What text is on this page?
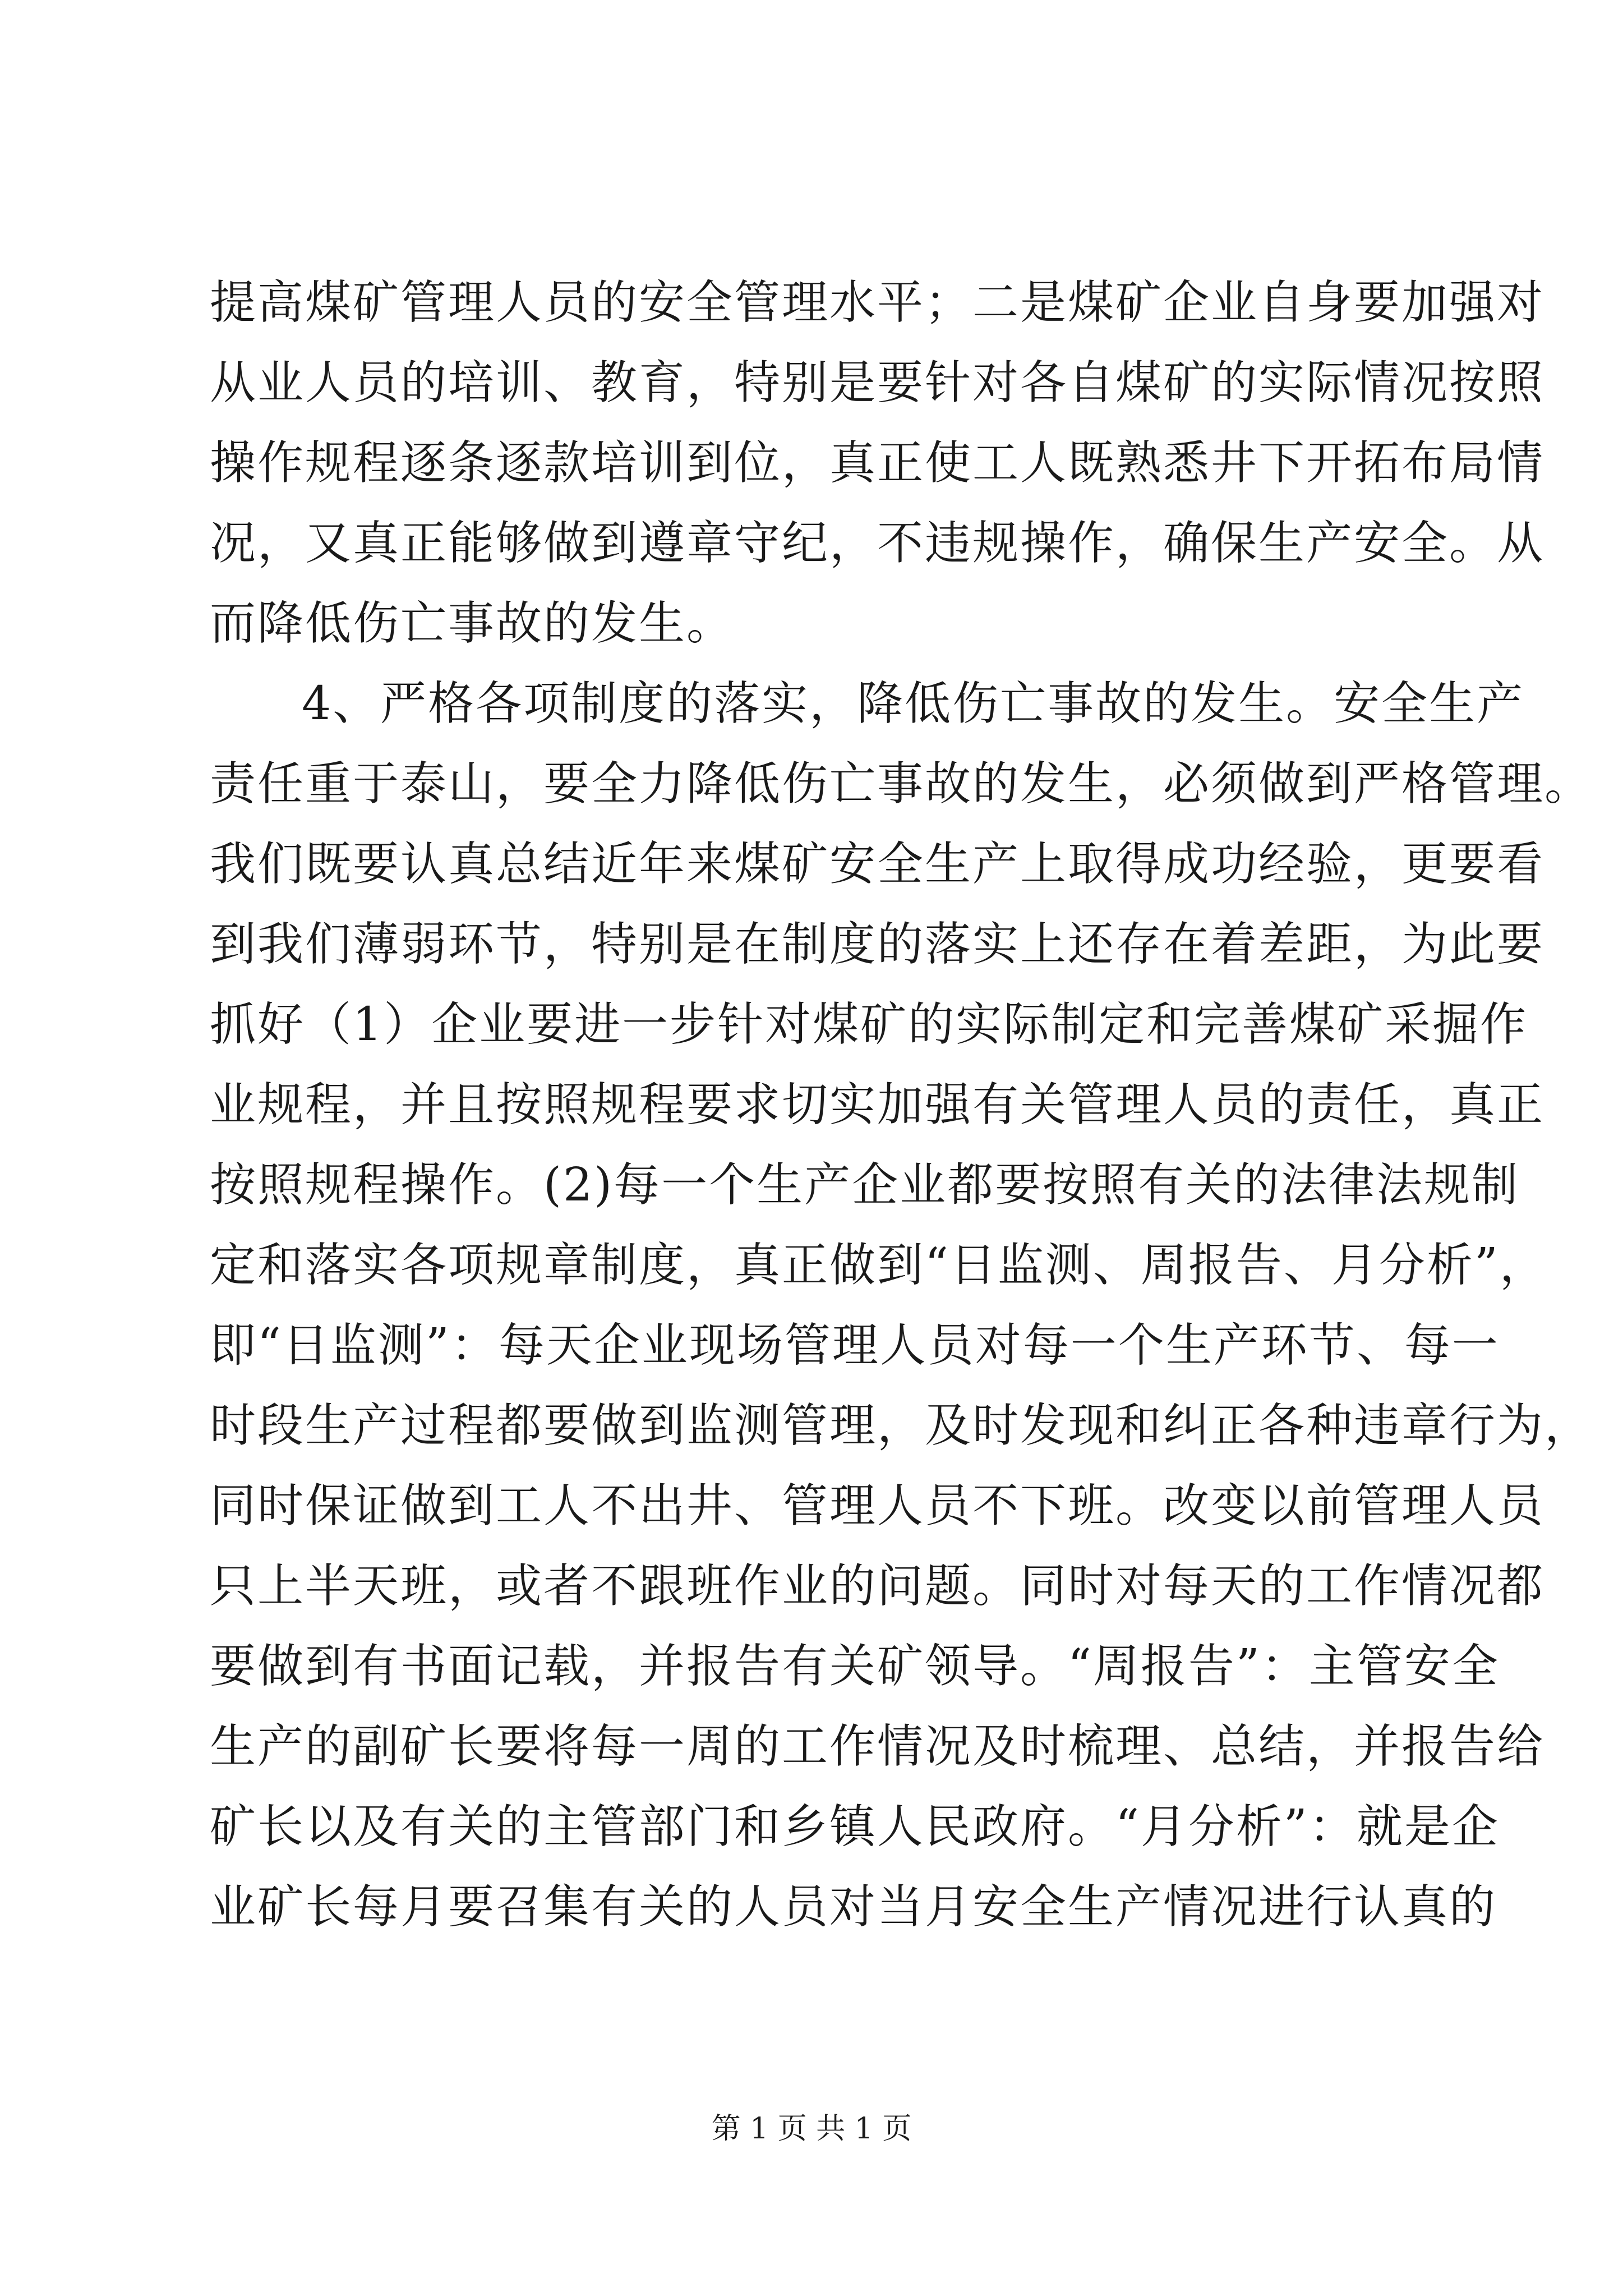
提高煤矿管理人员的安全管理水平；二是煤矿企业自身要加强对
从业人员的培训、教育，特别是要针对各自煤矿的实际情况按照
操作规程逐条逐款培训到位，真正使工人既熟悉井下开拓布局情
况，又真正能够做到遵章守纪，不违规操作，确保生产安全。从
而降低伤亡事故的发生。
4、严格各项制度的落实，降低伤亡事故的发生。安全生产
责任重于泰山，要全力降低伤亡事故的发生，必须做到严格管理。
我们既要认真总结近年来煤矿安全生产上取得成功经验，更要看
到我们薄弱环节，特别是在制度的落实上还存在着差距，为此要
抓好（1）企业要进一步针对煤矿的实际制定和完善煤矿采掘作
业规程，并且按照规程要求切实加强有关管理人员的责任，真正
按照规程操作。(2)每一个生产企业都要按照有关的法律法规制
定和落实各项规章制度，真正做到“日监测、周报告、月分析”，
即“日监测”：每天企业现场管理人员对每一个生产环节、每一
时段生产过程都要做到监测管理，及时发现和纠正各种违章行为，
同时保证做到工人不出井、管理人员不下班。改变以前管理人员
只上半天班，或者不跟班作业的问题。同时对每天的工作情况都
要做到有书面记载，并报告有关矿领导。“周报告”：主管安全
生产的副矿长要将每一周的工作情况及时梳理、总结，并报告给
矿长以及有关的主管部门和乡镇人民政府。“月分析”：就是企
业矿长每月要召集有关的人员对当月安全生产情况进行认真的
第 1 页 共 1 页
